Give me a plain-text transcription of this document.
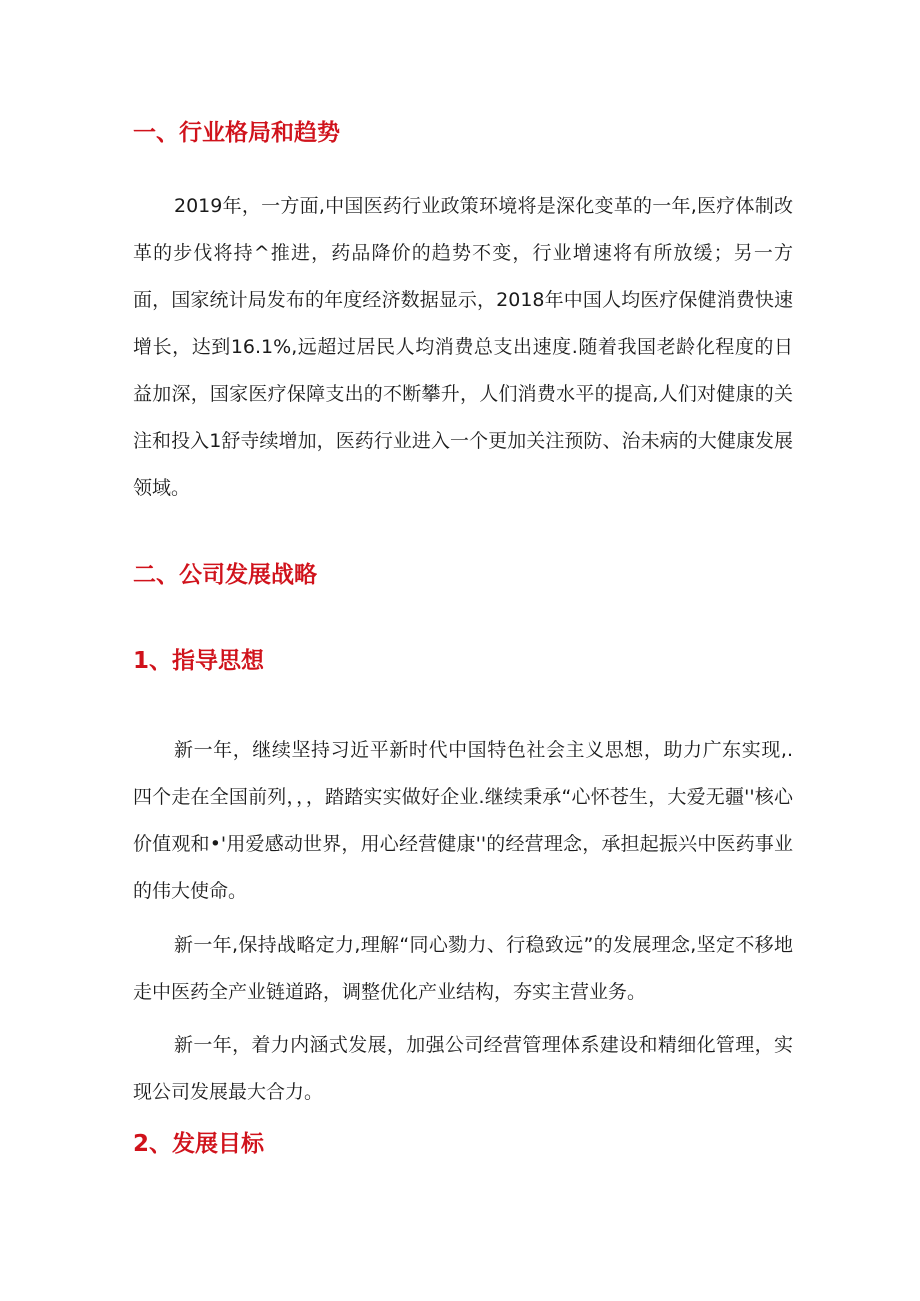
一、行业格局和趋势

2019年，一方面,中国医药行业政策环境将是深化变革的一年,医疗体制改革的步伐将持^推进，药品降价的趋势不变，行业增速将有所放缓；另一方面，国家统计局发布的年度经济数据显示，2018年中国人均医疗保健消费快速增长，达到16.1%,远超过居民人均消费总支出速度.随着我国老龄化程度的日益加深，国家医疗保障支出的不断攀升，人们消费水平的提高,人们对健康的关注和投入1舒寺续增加，医药行业进入一个更加关注预防、治未病的大健康发展领域。

二、公司发展战略
1、指导思想

新一年，继续坚持习近平新时代中国特色社会主义思想，助力广东实现,.四个走在全国前列，，，踏踏实实做好企业.继续秉承“心怀苍生，大爱无疆''核心价值观和•'用爱感动世界，用心经营健康''的经营理念，承担起振兴中医药事业的伟大使命。

新一年,保持战略定力,理解“同心勠力、行稳致远”的发展理念,坚定不移地走中医药全产业链道路，调整优化产业结构，夯实主营业务。

新一年，着力内涵式发展，加强公司经营管理体系建设和精细化管理，实现公司发展最大合力。

2、发展目标
